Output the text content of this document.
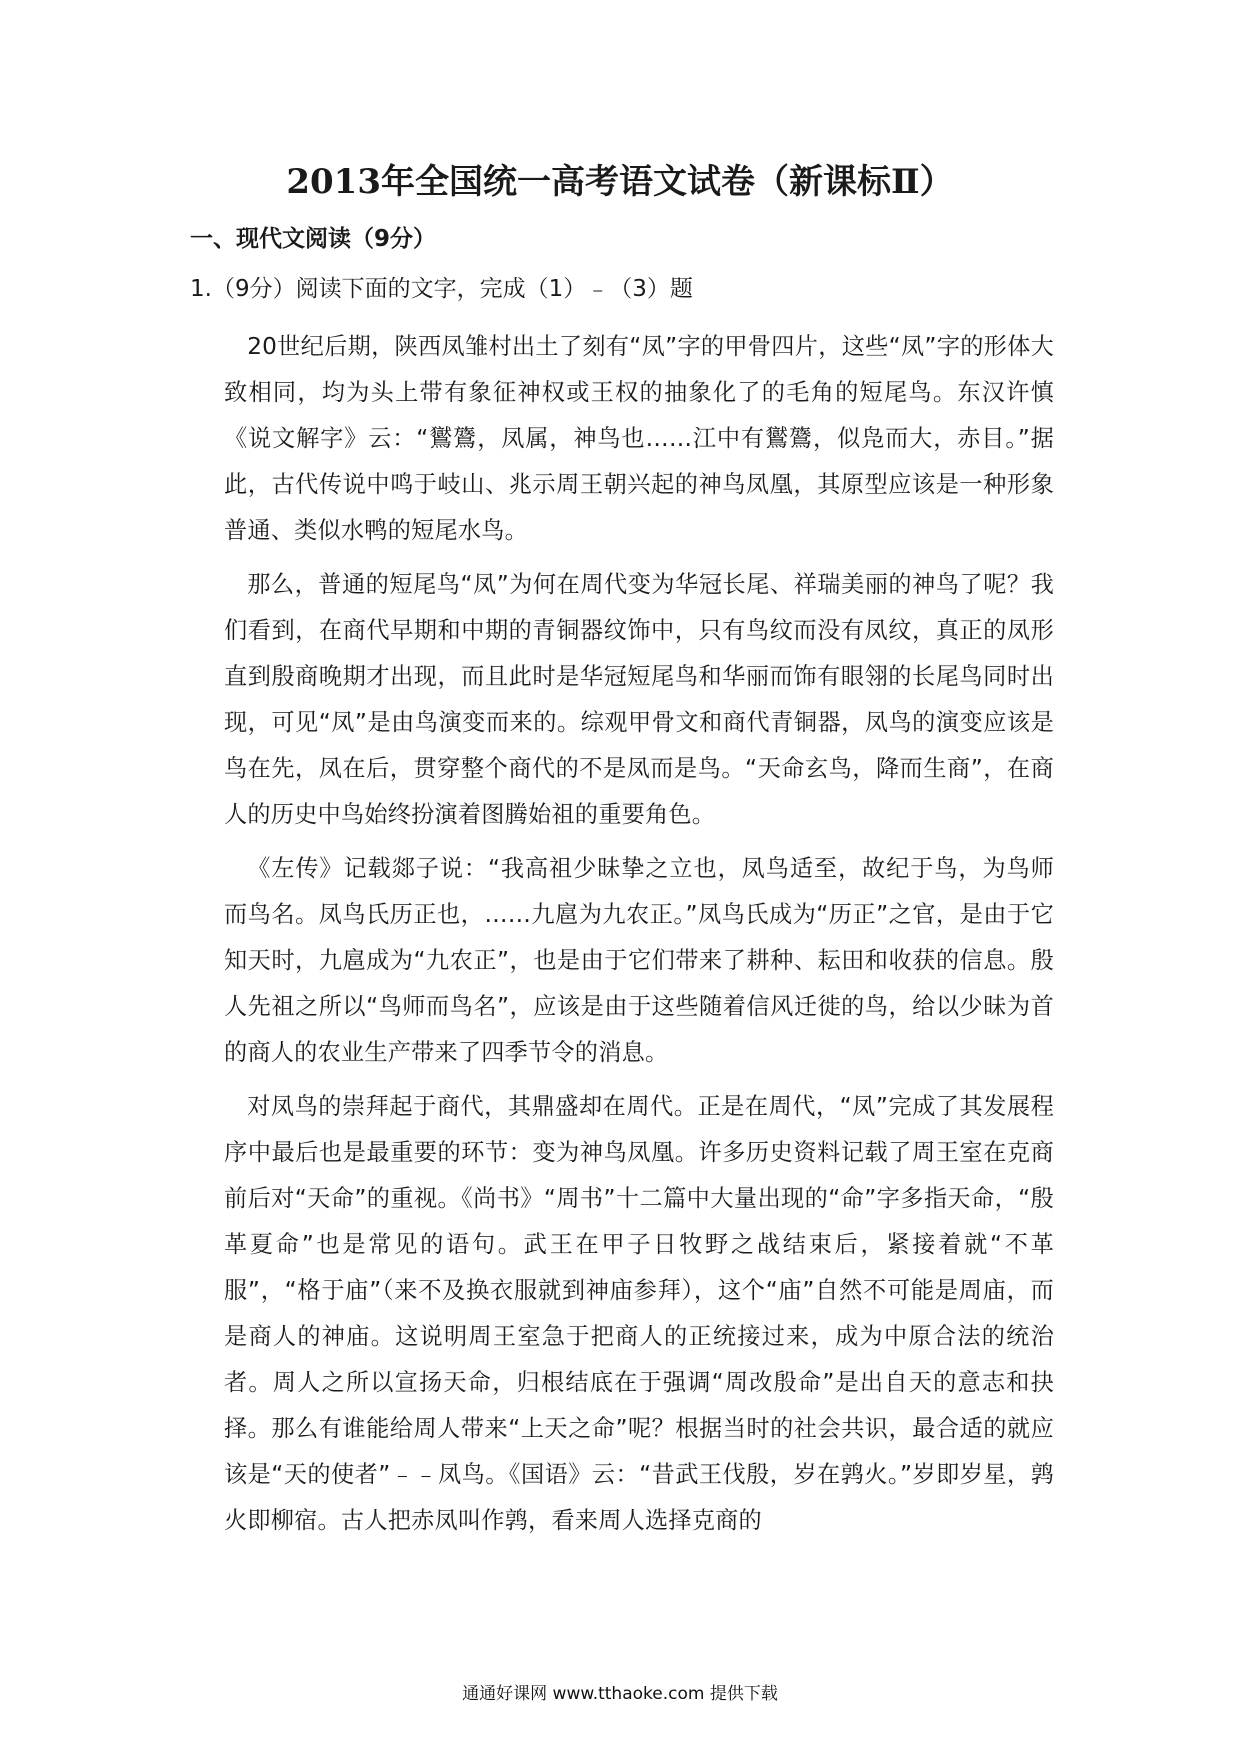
2013年全国统一高考语文试卷（新课标Ⅱ）
一、现代文阅读（9分）

1.（9分）阅读下面的文字，完成（1）﹣（3）题

20世纪后期，陕西凤雏村出土了刻有“凤”字的甲骨四片，这些“凤”字的形体大致相同，均为头上带有象征神权或王权的抽象化了的毛角的短尾鸟。东汉许慎《说文解字》云：“鸑鷟，凤属，神鸟也……江中有鸑鷟，似凫而大，赤目。”据此，古代传说中鸣于岐山、兆示周王朝兴起的神鸟凤凰，其原型应该是一种形象普通、类似水鸭的短尾水鸟。

那么，普通的短尾鸟“凤”为何在周代变为华冠长尾、祥瑞美丽的神鸟了呢？我们看到，在商代早期和中期的青铜器纹饰中，只有鸟纹而没有凤纹，真正的凤形直到殷商晚期才出现，而且此时是华冠短尾鸟和华丽而饰有眼翎的长尾鸟同时出现，可见“凤”是由鸟演变而来的。综观甲骨文和商代青铜器，凤鸟的演变应该是鸟在先，凤在后，贯穿整个商代的不是凤而是鸟。“天命玄鸟，降而生商”，在商人的历史中鸟始终扮演着图腾始祖的重要角色。

《左传》记载郯子说：“我高祖少昧挚之立也，凤鸟适至，故纪于鸟，为鸟师而鸟名。凤鸟氏历正也，……九扈为九农正。”凤鸟氏成为“历正”之官，是由于它知天时，九扈成为“九农正”，也是由于它们带来了耕种、耘田和收获的信息。殷人先祖之所以“鸟师而鸟名”，应该是由于这些随着信风迁徙的鸟，给以少昧为首的商人的农业生产带来了四季节令的消息。

对凤鸟的崇拜起于商代，其鼎盛却在周代。正是在周代，“凤”完成了其发展程序中最后也是最重要的环节：变为神鸟凤凰。许多历史资料记载了周王室在克商前后对“天命”的重视。《尚书》“周书”十二篇中大量出现的“命”字多指天命，“殷革夏命”也是常见的语句。武王在甲子日牧野之战结束后，紧接着就“不革服”，“格于庙”（来不及换衣服就到神庙参拜），这个“庙”自然不可能是周庙，而是商人的神庙。这说明周王室急于把商人的正统接过来，成为中原合法的统治者。周人之所以宣扬天命，归根结底在于强调“周改殷命”是出自天的意志和抉择。那么有谁能给周人带来“上天之命”呢？根据当时的社会共识，最合适的就应该是“天的使者”﹣﹣凤鸟。《国语》云：“昔武王伐殷，岁在鹑火。”岁即岁星，鹑火即柳宿。古人把赤凤叫作鹑，看来周人选择克商的

通通好课网 www.tthaoke.com 提供下载
